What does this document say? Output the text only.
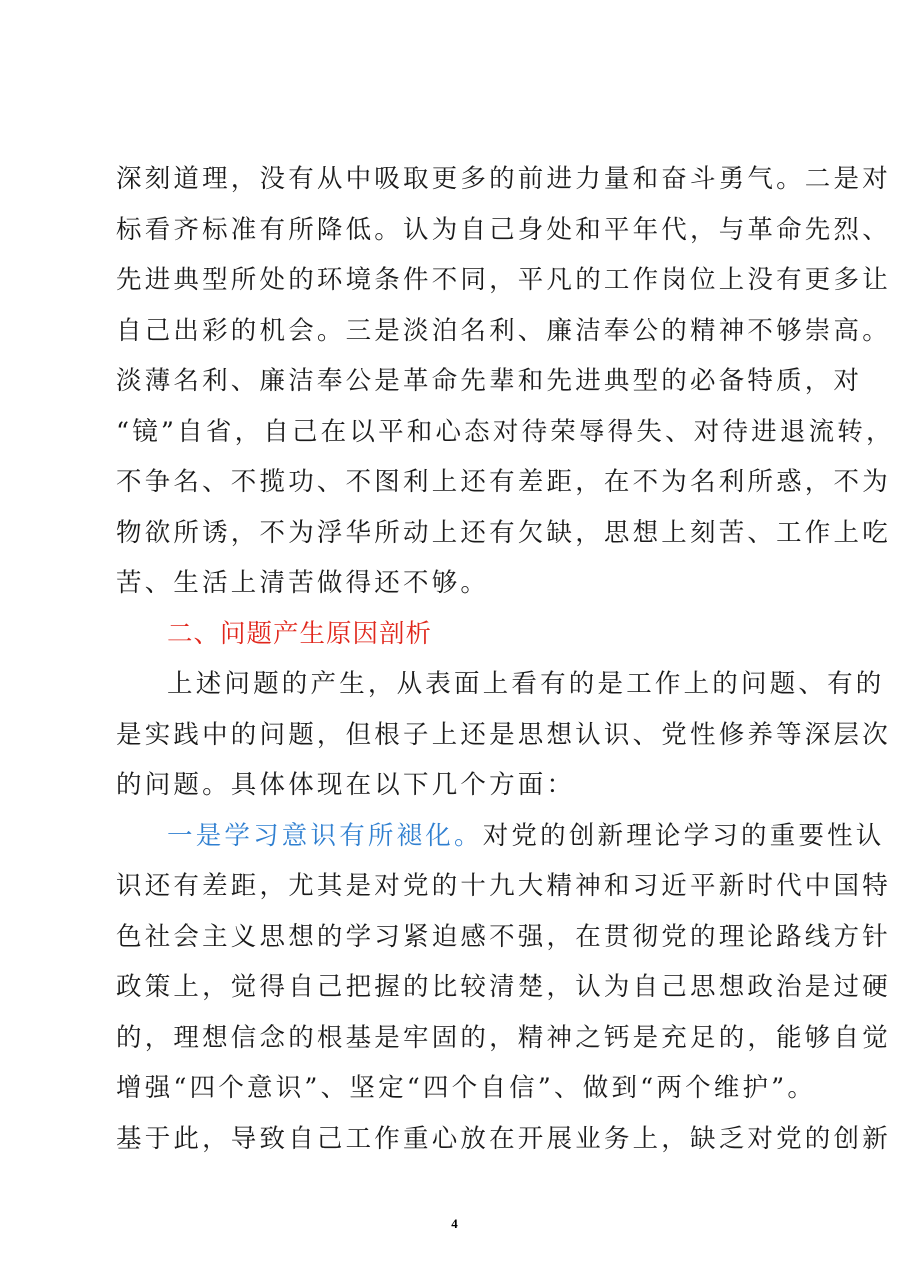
深刻道理，没有从中吸取更多的前进力量和奋斗勇气。二是对
标看齐标准有所降低。认为自己身处和平年代，与革命先烈、
先进典型所处的环境条件不同，平凡的工作岗位上没有更多让
自己出彩的机会。三是淡泊名利、廉洁奉公的精神不够崇高。
淡薄名利、廉洁奉公是革命先辈和先进典型的必备特质，对
“镜”自省，自己在以平和心态对待荣辱得失、对待进退流转，
不争名、不揽功、不图利上还有差距，在不为名利所惑，不为
物欲所诱，不为浮华所动上还有欠缺，思想上刻苦、工作上吃
苦、生活上清苦做得还不够。
二、问题产生原因剖析
上述问题的产生，从表面上看有的是工作上的问题、有的
是实践中的问题，但根子上还是思想认识、党性修养等深层次
的问题。具体体现在以下几个方面：
一是学习意识有所褪化。对党的创新理论学习的重要性认
识还有差距，尤其是对党的十九大精神和习近平新时代中国特
色社会主义思想的学习紧迫感不强，在贯彻党的理论路线方针
政策上，觉得自己把握的比较清楚，认为自己思想政治是过硬
的，理想信念的根基是牢固的，精神之钙是充足的，能够自觉
增强“四个意识”、坚定“四个自信”、做到“两个维护”。
基于此，导致自己工作重心放在开展业务上，缺乏对党的创新
4
